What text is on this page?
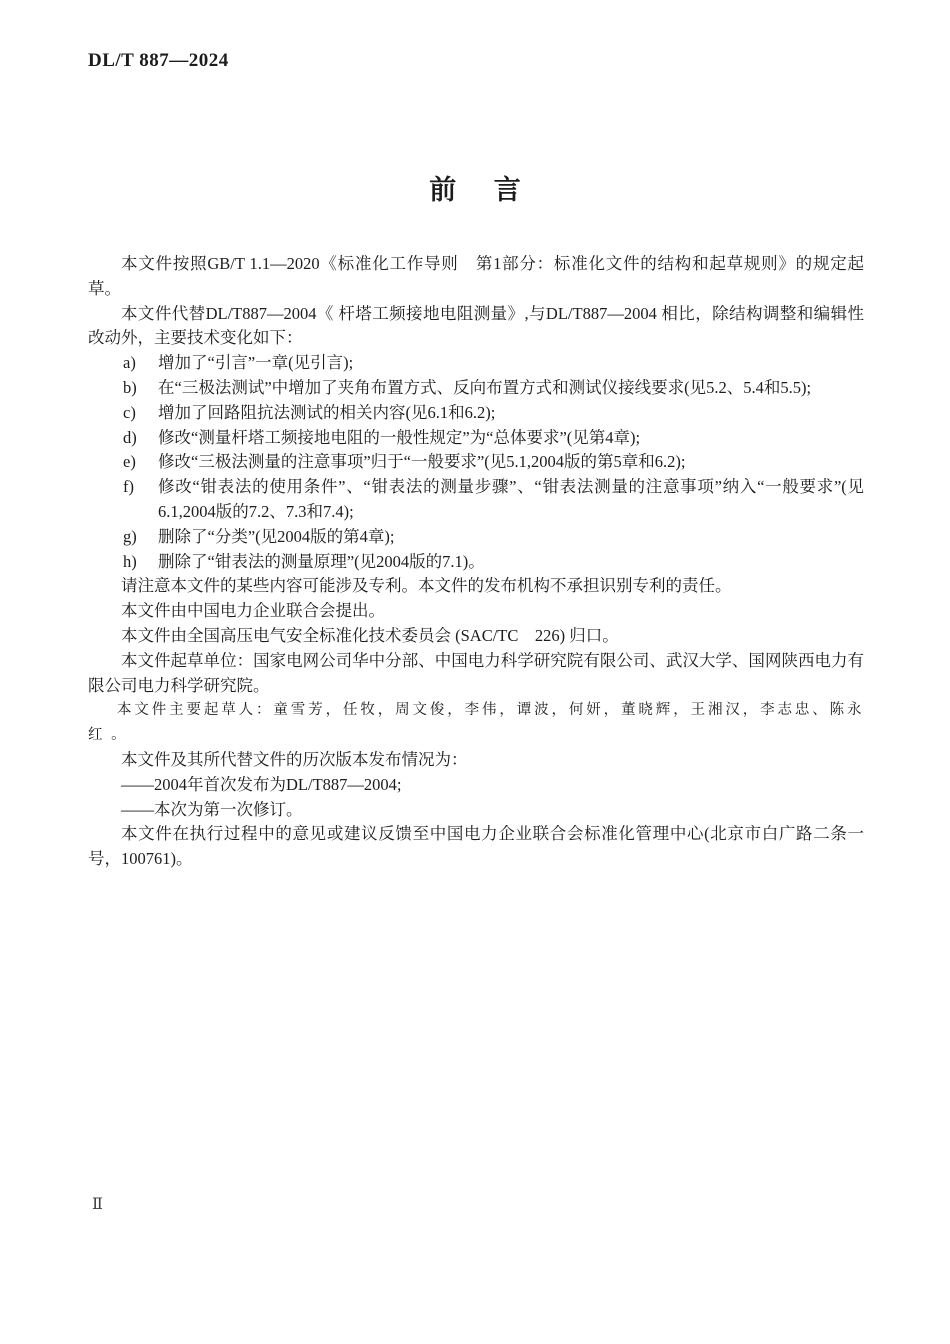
DL/T 887—2024
前    言

本文件按照GB/T 1.1—2020《标准化工作导则　第1部分：标准化文件的结构和起草规则》的规定起草。

本文件代替DL/T887—2004《 杆塔工频接地电阻测量》,与DL/T887—2004 相比，除结构调整和编辑性改动外，主要技术变化如下：

a) 增加了“引言”一章(见引言);
b) 在“三极法测试”中增加了夹角布置方式、反向布置方式和测试仪接线要求(见5.2、5.4和5.5);
c) 增加了回路阻抗法测试的相关内容(见6.1和6.2);
d) 修改“测量杆塔工频接地电阻的一般性规定”为“总体要求”(见第4章);
e) 修改“三极法测量的注意事项”归于“一般要求”(见5.1,2004版的第5章和6.2);
f) 修改“钳表法的使用条件”、“钳表法的测量步骤”、“钳表法测量的注意事项”纳入“一般要求”(见6.1,2004版的7.2、7.3和7.4);
g) 删除了“分类”(见2004版的第4章);
h) 删除了“钳表法的测量原理”(见2004版的7.1)。

请注意本文件的某些内容可能涉及专利。本文件的发布机构不承担识别专利的责任。

本文件由中国电力企业联合会提出。

本文件由全国高压电气安全标准化技术委员会 (SAC/TC　226) 归口。

本文件起草单位：国家电网公司华中分部、中国电力科学研究院有限公司、武汉大学、国网陕西电力有限公司电力科学研究院。

本文件主要起草人：童雪芳，任牧，周文俊，李伟，谭波，何妍，董晓辉，王湘汉，李志忠、陈永红 。

本文件及其所代替文件的历次版本发布情况为：

——2004年首次发布为DL/T887—2004;

——本次为第一次修订。

本文件在执行过程中的意见或建议反馈至中国电力企业联合会标准化管理中心(北京市白广路二条一号，100761)。

Ⅱ
